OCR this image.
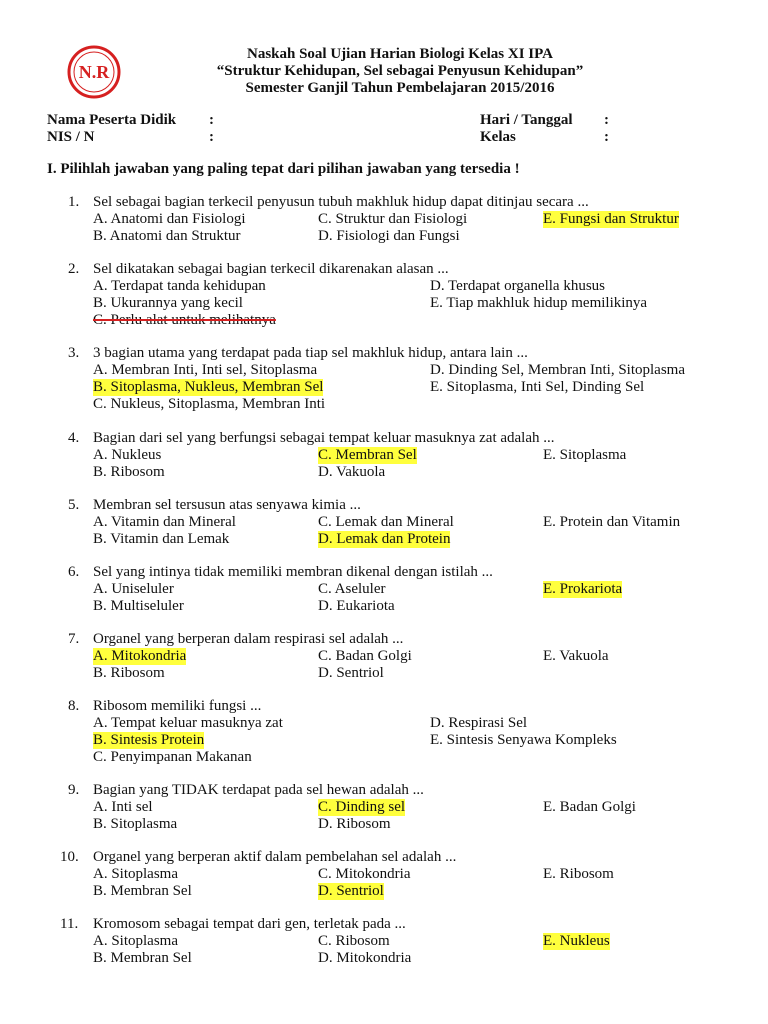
N.R
Naskah Soal Ujian Harian Biologi Kelas XI IPA
“Struktur Kehidupan, Sel sebagai Penyusun Kehidupan”
Semester Ganjil Tahun Pembelajaran 2015/2016
Nama Peserta Didik	:
NIS / N	:
Hari / Tanggal	:
Kelas	:
I. Pilihlah jawaban yang paling tepat dari pilihan jawaban yang tersedia !
1. Sel sebagai bagian terkecil penyusun tubuh makhluk hidup dapat ditinjau secara ...
A. Anatomi dan Fisiologi	C. Struktur dan Fisiologi	E. Fungsi dan Struktur
B. Anatomi dan Struktur	D. Fisiologi dan Fungsi
2. Sel dikatakan sebagai bagian terkecil dikarenakan alasan ...
A. Terdapat tanda kehidupan	D. Terdapat organella khusus
B. Ukurannya yang kecil	E. Tiap makhluk hidup memilikinya
C. Perlu alat untuk melihatnya
3. 3 bagian utama yang terdapat pada tiap sel makhluk hidup, antara lain ...
A. Membran Inti, Inti sel, Sitoplasma	D. Dinding Sel, Membran Inti, Sitoplasma
B. Sitoplasma, Nukleus, Membran Sel	E. Sitoplasma, Inti Sel, Dinding Sel
C. Nukleus, Sitoplasma, Membran Inti
4. Bagian dari sel yang berfungsi sebagai tempat keluar masuknya zat adalah ...
A. Nukleus	C. Membran Sel	E. Sitoplasma
B. Ribosom	D. Vakuola
5. Membran sel tersusun atas senyawa kimia ...
A. Vitamin dan Mineral	C. Lemak dan Mineral	E. Protein dan Vitamin
B. Vitamin dan Lemak	D. Lemak dan Protein
6. Sel yang intinya tidak memiliki membran dikenal dengan istilah ...
A. Uniseluler	C. Aseluler	E. Prokariota
B. Multiseluler	D. Eukariota
7. Organel yang berperan dalam respirasi sel adalah ...
A. Mitokondria	C. Badan Golgi	E. Vakuola
B. Ribosom	D. Sentriol
8. Ribosom memiliki fungsi ...
A. Tempat keluar masuknya zat	D. Respirasi Sel
B. Sintesis Protein	E. Sintesis Senyawa Kompleks
C. Penyimpanan Makanan
9. Bagian yang TIDAK terdapat pada sel hewan adalah ...
A. Inti sel	C. Dinding sel	E. Badan Golgi
B. Sitoplasma	D. Ribosom
10. Organel yang berperan aktif dalam pembelahan sel adalah ...
A. Sitoplasma	C. Mitokondria	E. Ribosom
B. Membran Sel	D. Sentriol
11. Kromosom sebagai tempat dari gen, terletak pada ...
A. Sitoplasma	C. Ribosom	E. Nukleus
B. Membran Sel	D. Mitokondria
